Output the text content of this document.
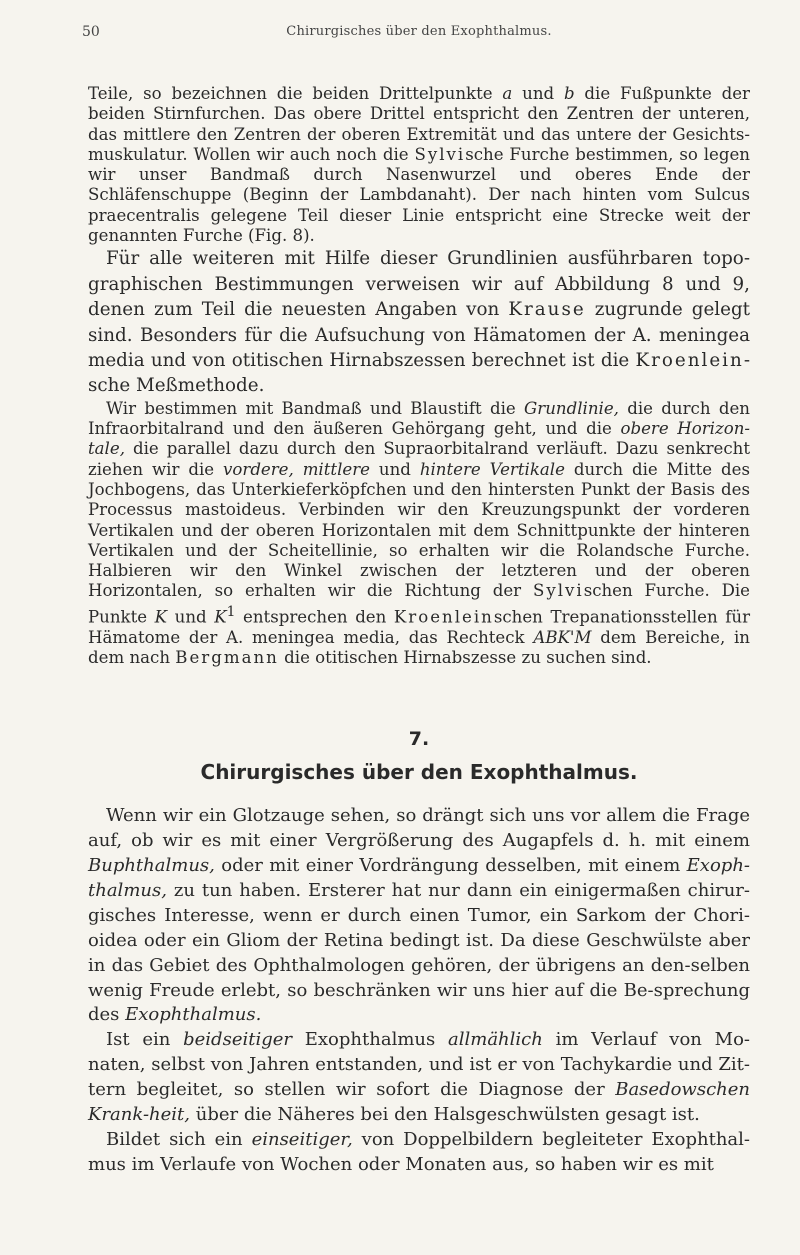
50	Chirurgisches über den Exophthalmus.

Teile, so bezeichnen die beiden Drittelpunkte a und b die Fußpunkte der beiden Stirnfurchen. Das obere Drittel entspricht den Zentren der unteren, das mittlere den Zentren der oberen Extremität und das untere der Gesichts-muskulatur. Wollen wir auch noch die Sylvische Furche bestimmen, so legen wir unser Bandmaß durch Nasenwurzel und oberes Ende der Schläfenschuppe (Beginn der Lambdanaht). Der nach hinten vom Sulcus praecentralis gelegene Teil dieser Linie entspricht eine Strecke weit der genannten Furche (Fig. 8).

Für alle weiteren mit Hilfe dieser Grundlinien ausführbaren topo-graphischen Bestimmungen verweisen wir auf Abbildung 8 und 9, denen zum Teil die neuesten Angaben von Krause zugrunde gelegt sind. Besonders für die Aufsuchung von Hämatomen der A. meningea media und von otitischen Hirnabszessen berechnet ist die Kroenlein-sche Meßmethode.

Wir bestimmen mit Bandmaß und Blaustift die Grundlinie, die durch den Infraorbitalrand und den äußeren Gehörgang geht, und die obere Horizon-tale, die parallel dazu durch den Supraorbitalrand verläuft. Dazu senkrecht ziehen wir die vordere, mittlere und hintere Vertikale durch die Mitte des Jochbogens, das Unterkieferköpfchen und den hintersten Punkt der Basis des Processus mastoideus. Verbinden wir den Kreuzungspunkt der vorderen Vertikalen und der oberen Horizontalen mit dem Schnittpunkte der hinteren Vertikalen und der Scheitellinie, so erhalten wir die Rolandsche Furche. Halbieren wir den Winkel zwischen der letzteren und der oberen Horizontalen, so erhalten wir die Richtung der Sylvischen Furche. Die Punkte K und $K^1$ entsprechen den Kroenleinschen Trepanationsstellen für Hämatome der A. meningea media, das Rechteck ABK'M dem Bereiche, in dem nach Bergmann die otitischen Hirnabszesse zu suchen sind.

7.
Chirurgisches über den Exophthalmus.

Wenn wir ein Glotzauge sehen, so drängt sich uns vor allem die Frage auf, ob wir es mit einer Vergrößerung des Augapfels d. h. mit einem Buphthalmus, oder mit einer Vordrängung desselben, mit einem Exoph-thalmus, zu tun haben. Ersterer hat nur dann ein einigermaßen chirur-gisches Interesse, wenn er durch einen Tumor, ein Sarkom der Chori-oidea oder ein Gliom der Retina bedingt ist. Da diese Geschwülste aber in das Gebiet des Ophthalmologen gehören, der übrigens an den-selben wenig Freude erlebt, so beschränken wir uns hier auf die Be-sprechung des Exophthalmus.

Ist ein beidseitiger Exophthalmus allmählich im Verlauf von Mo-naten, selbst von Jahren entstanden, und ist er von Tachykardie und Zit-tern begleitet, so stellen wir sofort die Diagnose der Basedowschen Krank-heit, über die Näheres bei den Halsgeschwülsten gesagt ist.

Bildet sich ein einseitiger, von Doppelbildern begleiteter Exophthal-mus im Verlaufe von Wochen oder Monaten aus, so haben wir es mit
